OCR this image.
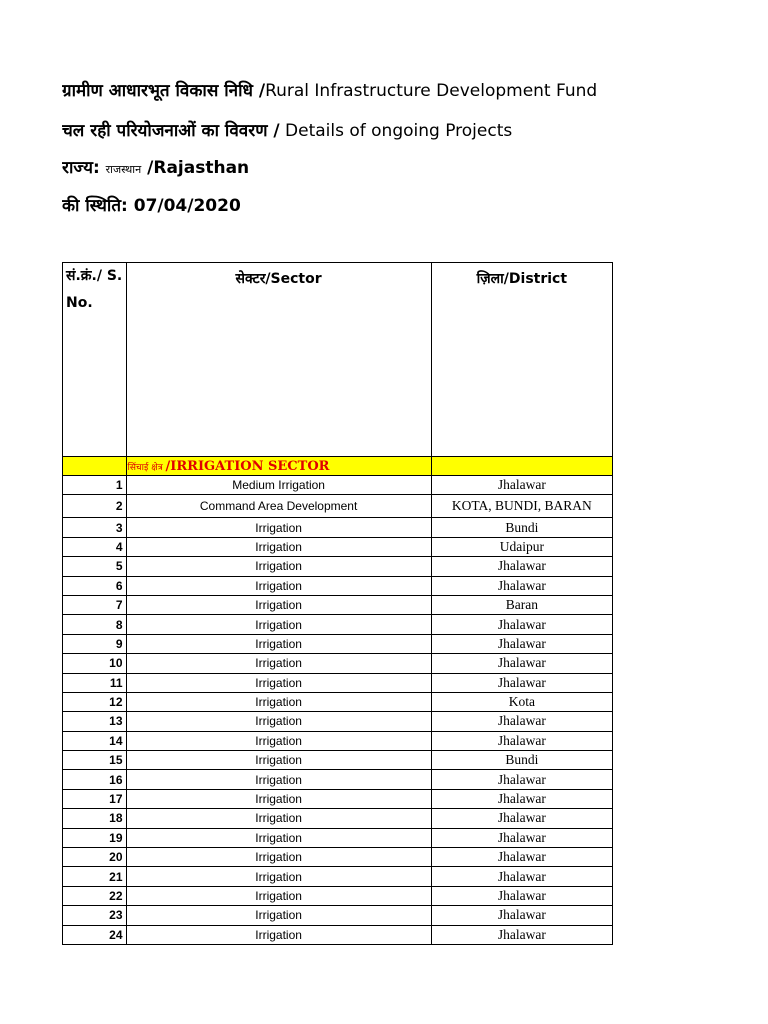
ग्रामीण आधारभूत विकास निधि /Rural Infrastructure Development Fund
चल रही परियोजनाओं का विवरण / Details of ongoing Projects
राज्य: राजस्थान /Rajasthan
की स्थिति: 07/04/2020
सं.क्रं./ S. No.	सेक्टर/Sector	ज़िला/District
	सिंचाई क्षेत्र /IRRIGATION SECTOR	
1	Medium Irrigation	Jhalawar
2	Command Area Development	KOTA, BUNDI, BARAN
3	Irrigation	Bundi
4	Irrigation	Udaipur
5	Irrigation	Jhalawar
6	Irrigation	Jhalawar
7	Irrigation	Baran
8	Irrigation	Jhalawar
9	Irrigation	Jhalawar
10	Irrigation	Jhalawar
11	Irrigation	Jhalawar
12	Irrigation	Kota
13	Irrigation	Jhalawar
14	Irrigation	Jhalawar
15	Irrigation	Bundi
16	Irrigation	Jhalawar
17	Irrigation	Jhalawar
18	Irrigation	Jhalawar
19	Irrigation	Jhalawar
20	Irrigation	Jhalawar
21	Irrigation	Jhalawar
22	Irrigation	Jhalawar
23	Irrigation	Jhalawar
24	Irrigation	Jhalawar
